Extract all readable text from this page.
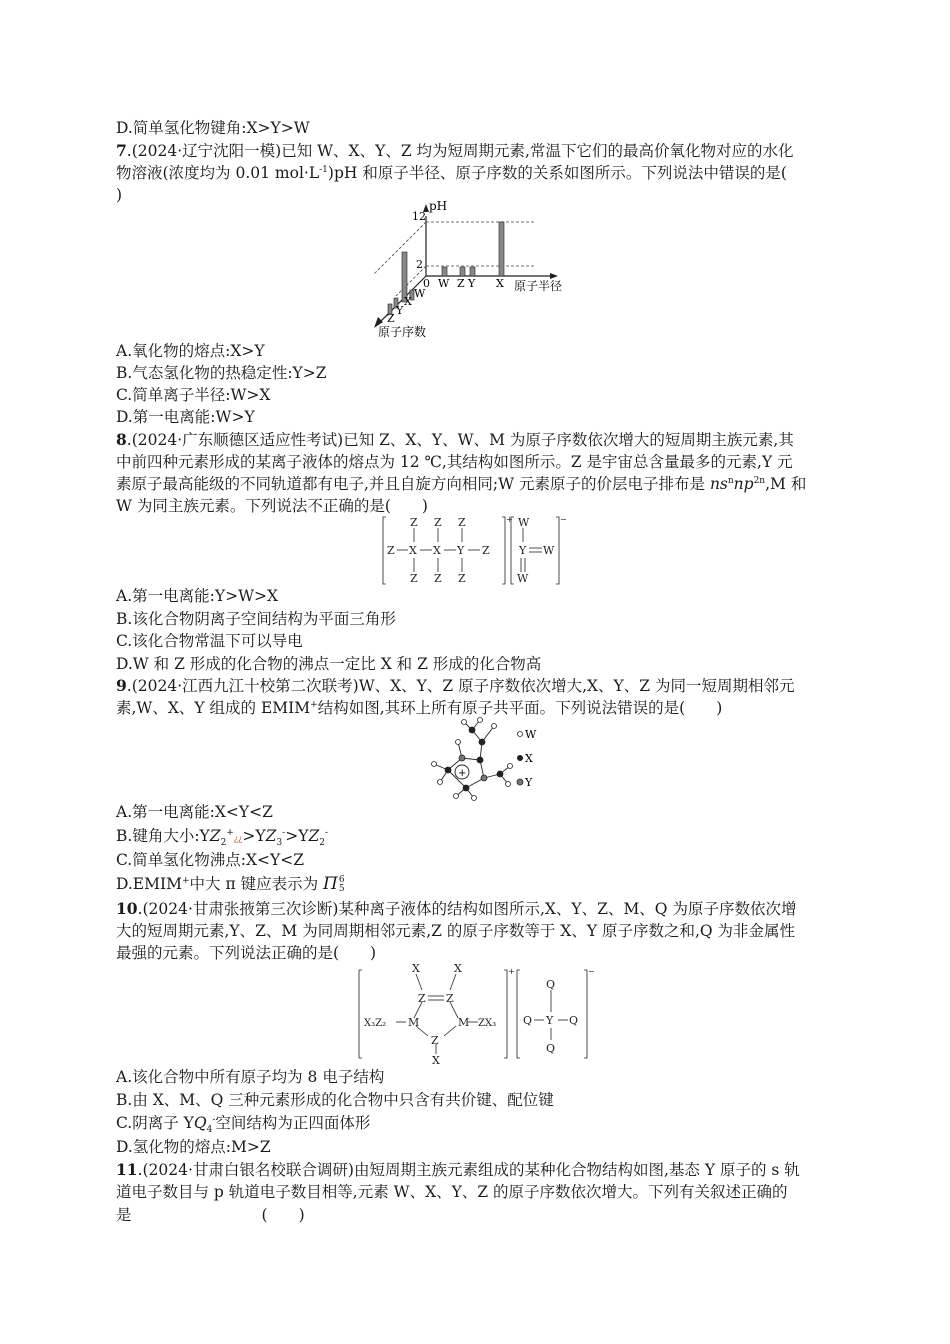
D.简单氢化物键角:X>Y>W
7.(2024·辽宁沈阳一模)已知 W、X、Y、Z 均为短周期元素,常温下它们的最高价氧化物对应的水化
物溶液(浓度均为 0.01 $mol\cdot L^{-1})pH$ 和原子半径、原子序数的关系如图所示。下列说法中错误的是(
)
12
2
pH
0 W Z Y X 原子半径
Z
Y
X
W
原子序数
A.氧化物的熔点:X>Y
B.气态氢化物的热稳定性:Y>Z
C.简单离子半径:W>X
D.第一电离能:W>Y
8.(2024·广东顺德区适应性考试)已知 Z、X、Y、W、M 为原子序数依次增大的短周期主族元素,其
中前四种元素形成的某离子液体的熔点为 12 ℃,其结构如图所示。Z 是宇宙总含量最多的元素,Y 元
素原子最高能级的不同轨道都有电子,并且自旋方向相同;W 元素原子的价层电子排布是 $ns^nnp^{2n},M$ 和
W 为同主族元素。下列说法不正确的是(　　)
Z X X Y Z
Z Z Z
Z Z Z
+ W
Y W
W
−
A.第一电离能:Y>W>X
B.该化合物阴离子空间结构为平面三角形
C.该化合物常温下可以导电
D.W 和 Z 形成的化合物的沸点一定比 X 和 Z 形成的化合物高
9.(2024·江西九江十校第二次联考)W、X、Y、Z 原子序数依次增大,X、Y、Z 为同一短周期相邻元
素,W、X、Y 组成的 EMIM+结构如图,其环上所有原子共平面。下列说法错误的是(　　)
+
W
X
Y
A.第一电离能:X<Y<Z
B.键角大小$:YZ_2^+¿¿>YZ_3^->YZ_2^-$
C.简单氢化物沸点:X<Y<Z
D.EMIM+中大 π 键应表示为 Π 6
5
10.(2024·甘肃张掖第三次诊断)某种离子液体的结构如图所示,X、Y、Z、M、Q 为原子序数依次增
大的短周期元素,Y、Z、M 为同周期相邻元素,Z 的原子序数等于 X、Y 原子序数之和,Q 为非金属性
最强的元素。下列说法正确的是(　　)
X	X
Z Z
M	M
Z
X
X₃Z₂	ZX₃
+
Q
Q Y Q
Q
−
A.该化合物中所有原子均为 8 电子结构
B.由 X、M、Q 三种元素形成的化合物中只含有共价键、配位键
C.阴离子 $YQ_4^-$空间结构为正四面体形
D.氢化物的熔点:M>Z
11.(2024·甘肃白银名校联合调研)由短周期主族元素组成的某种化合物结构如图,基态 Y 原子的 s 轨
道电子数目与 p 轨道电子数目相等,元素 W、X、Y、Z 的原子序数依次增大。下列有关叙述正确的
是	(　　)
